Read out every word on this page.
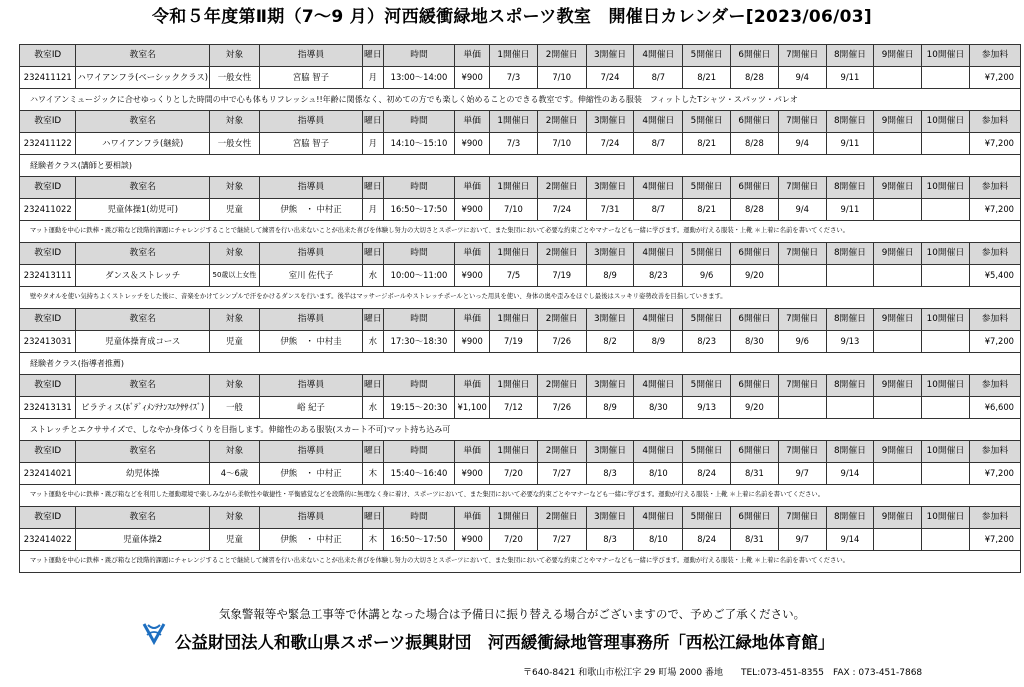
令和５年度第Ⅱ期（7～9 月）河西緩衝緑地スポーツ教室　開催日カレンダー[2023/06/03]
教室ID	教室名	対象	指導員	曜日	時間	単価	1開催日	2開催日	3開催日	4開催日	5開催日	6開催日	7開催日	8開催日	9開催日	10開催日	参加料
232411121	ハワイアンフラ(ベーシッククラス)	一般女性	宮脇 智子	月	13:00～14:00	¥900	7/3	7/10	7/24	8/7	8/21	8/28	9/4	9/11			¥7,200
ハワイアンミュージックに合せゆっくりとした時間の中で心も体もリフレッシュ!!年齢に関係なく、初めての方でも楽しく始めることのできる教室です。伸縮性のある服装　フィットしたTシャツ・スパッツ・パレオ																	
教室ID	教室名	対象	指導員	曜日	時間	単価	1開催日	2開催日	3開催日	4開催日	5開催日	6開催日	7開催日	8開催日	9開催日	10開催日	参加料
232411122	ハワイアンフラ(継続)	一般女性	宮脇 智子	月	14:10～15:10	¥900	7/3	7/10	7/24	8/7	8/21	8/28	9/4	9/11			¥7,200
経験者クラス(講師と要相談)																	
教室ID	教室名	対象	指導員	曜日	時間	単価	1開催日	2開催日	3開催日	4開催日	5開催日	6開催日	7開催日	8開催日	9開催日	10開催日	参加料
232411022	児童体操1(幼児可)	児童	伊熊　・ 中村正	月	16:50～17:50	¥900	7/10	7/24	7/31	8/7	8/21	8/28	9/4	9/11			¥7,200
マット運動を中心に鉄棒・跳び箱など段階的課題にチャレンジすることで継続して練習を行い出来ないことが出来た喜びを体験し努力の大切さとスポーツにおいて、また集団において必要な約束ごとやマナーなども一緒に学びます。運動が行える服装・上靴 ＊上着に名前を書いてください。																	
教室ID	教室名	対象	指導員	曜日	時間	単価	1開催日	2開催日	3開催日	4開催日	5開催日	6開催日	7開催日	8開催日	9開催日	10開催日	参加料
232413111	ダンス＆ストレッチ	50歳以上女性	室川 佐代子	水	10:00～11:00	¥900	7/5	7/19	8/9	8/23	9/6	9/20					¥5,400
壁やタオルを使い気持ちよくストレッチをした後に、音楽をかけてシンプルで汗をかけるダンスを行います。後半はマッサージボールやストレッチポールといった用具を使い、身体の奥や歪みをほぐし最後はスッキリ姿勢改善を目指していきます。																	
教室ID	教室名	対象	指導員	曜日	時間	単価	1開催日	2開催日	3開催日	4開催日	5開催日	6開催日	7開催日	8開催日	9開催日	10開催日	参加料
232413031	児童体操育成コース	児童	伊熊　・ 中村圭	水	17:30～18:30	¥900	7/19	7/26	8/2	8/9	8/23	8/30	9/6	9/13			¥7,200
経験者クラス(指導者推薦)																	
教室ID	教室名	対象	指導員	曜日	時間	単価	1開催日	2開催日	3開催日	4開催日	5開催日	6開催日	7開催日	8開催日	9開催日	10開催日	参加料
232413131	ピラティス(ﾎﾞﾃﾞｨﾒﾝﾃﾅﾝｽｴｸｻｻｲｽﾞ)	一般	峪 紀子	水	19:15～20:30	¥1,100	7/12	7/26	8/9	8/30	9/13	9/20					¥6,600
ストレッチとエクササイズで、しなやか身体づくりを目指します。伸縮性のある服装(スカート不可)マット持ち込み可																	
教室ID	教室名	対象	指導員	曜日	時間	単価	1開催日	2開催日	3開催日	4開催日	5開催日	6開催日	7開催日	8開催日	9開催日	10開催日	参加料
232414021	幼児体操	4～6歳	伊熊　・ 中村正	木	15:40～16:40	¥900	7/20	7/27	8/3	8/10	8/24	8/31	9/7	9/14			¥7,200
マット運動を中心に鉄棒・跳び箱などを利用した運動環境で楽しみながら柔軟性や敏捷性・平衡感覚などを段階的に無理なく身に着け、スポーツにおいて、また集団において必要な約束ごとやマナーなども一緒に学びます。運動が行える服装・上靴 ＊上着に名前を書いてください。																	
教室ID	教室名	対象	指導員	曜日	時間	単価	1開催日	2開催日	3開催日	4開催日	5開催日	6開催日	7開催日	8開催日	9開催日	10開催日	参加料
232414022	児童体操2	児童	伊熊　・ 中村正	木	16:50～17:50	¥900	7/20	7/27	8/3	8/10	8/24	8/31	9/7	9/14			¥7,200
マット運動を中心に鉄棒・跳び箱など段階的課題にチャレンジすることで継続して練習を行い出来ないことが出来た喜びを体験し努力の大切さとスポーツにおいて、また集団において必要な約束ごとやマナーなども一緒に学びます。運動が行える服装・上靴 ＊上着に名前を書いてください。																	
気象警報等や緊急工事等で休講となった場合は予備日に振り替える場合がございますので、予めご了承ください。
公益財団法人和歌山県スポーツ振興財団　河西緩衝緑地管理事務所「西松江緑地体育館」
〒640-8421 和歌山市松江字 29 町場 2000 番地　　TEL:073-451-8355　FAX : 073-451-7868
